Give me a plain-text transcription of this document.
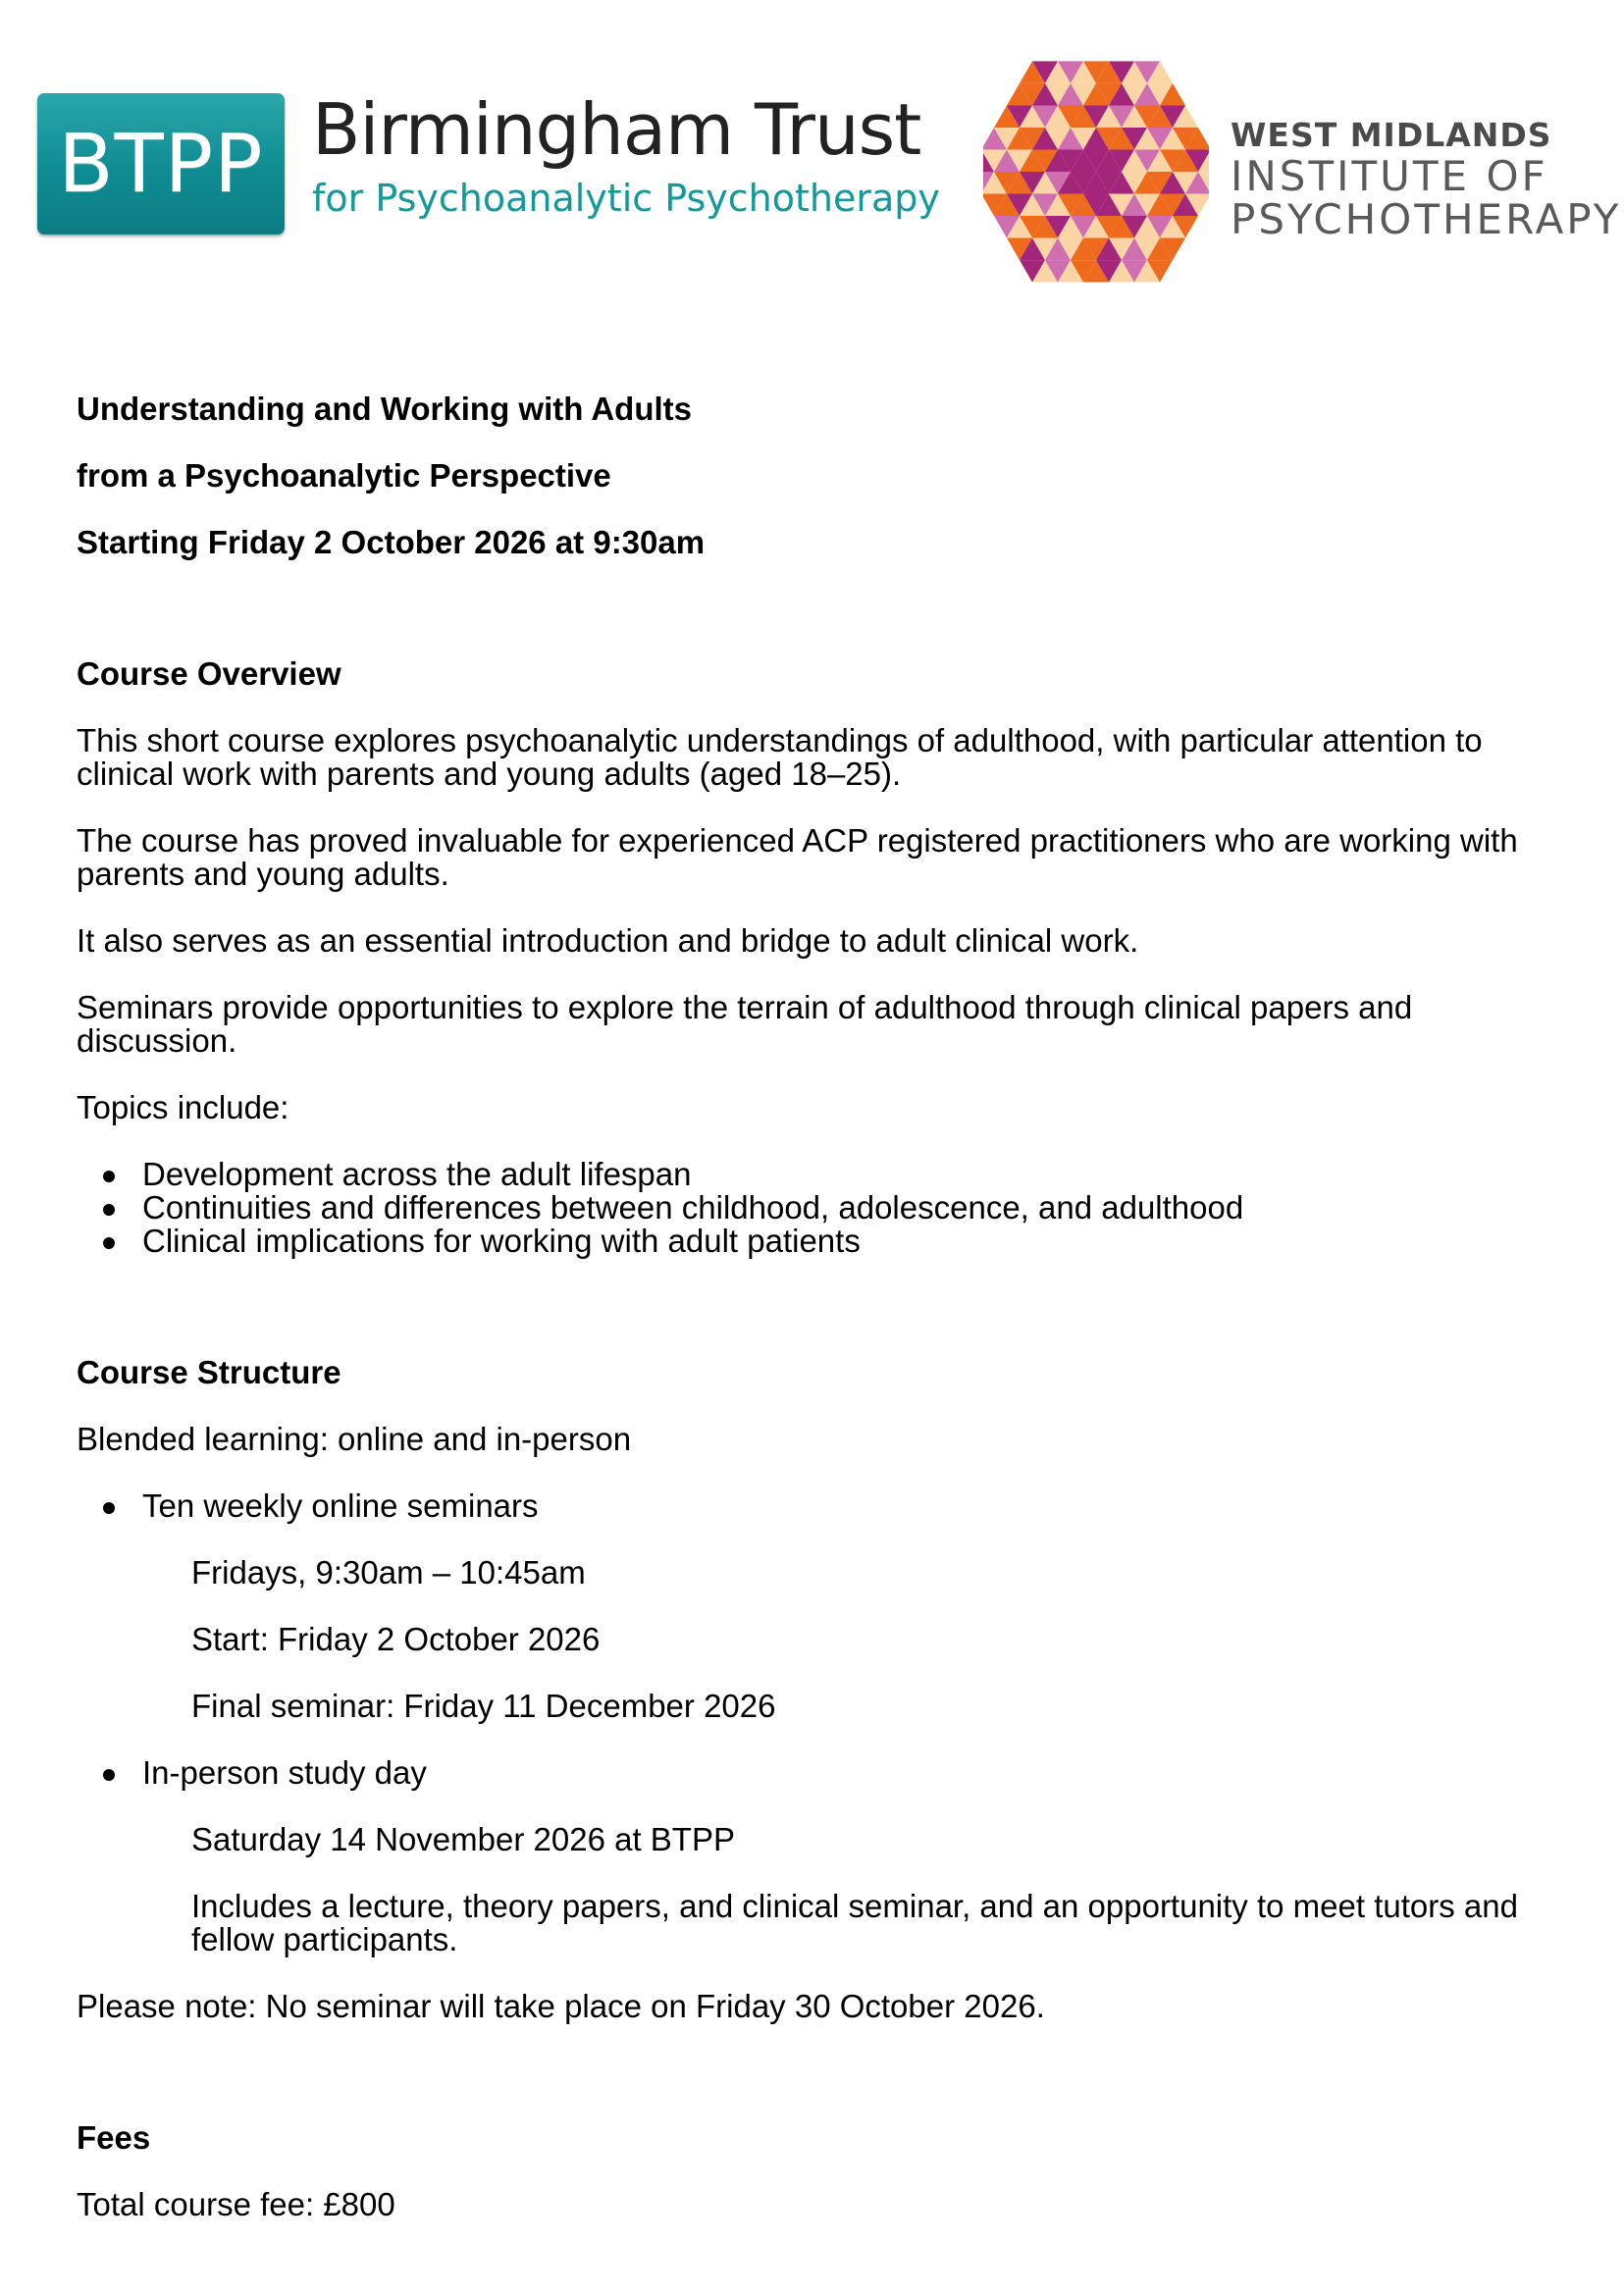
BTPP Birmingham Trust
for Psychoanalytic Psychotherapy
WEST MIDLANDS
INSTITUTE OF
PSYCHOTHERAPY

Understanding and Working with Adults

from a Psychoanalytic Perspective

Starting Friday 2 October 2026 at 9:30am

Course Overview

This short course explores psychoanalytic understandings of adulthood, with particular attention to clinical work with parents and young adults (aged 18–25).

The course has proved invaluable for experienced ACP registered practitioners who are working with parents and young adults.

It also serves as an essential introduction and bridge to adult clinical work.

Seminars provide opportunities to explore the terrain of adulthood through clinical papers and discussion.

Topics include:

Development across the adult lifespan
Continuities and differences between childhood, adolescence, and adulthood
Clinical implications for working with adult patients

Course Structure

Blended learning: online and in-person

Ten weekly online seminars

Fridays, 9:30am – 10:45am

Start: Friday 2 October 2026

Final seminar: Friday 11 December 2026

In-person study day

Saturday 14 November 2026 at BTPP

Includes a lecture, theory papers, and clinical seminar, and an opportunity to meet tutors and fellow participants.

Please note: No seminar will take place on Friday 30 October 2026.

Fees

Total course fee: £800
